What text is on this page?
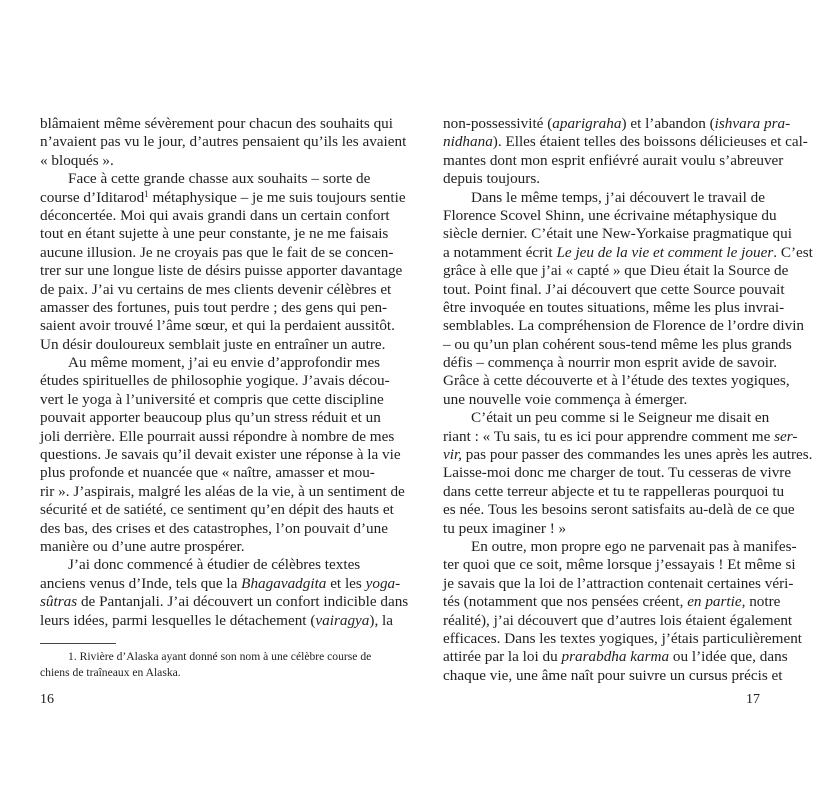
blâmaient même sévèrement pour chacun des souhaits qui
n’avaient pas vu le jour, d’autres pensaient qu’ils les avaient
« bloqués ».
Face à cette grande chasse aux souhaits – sorte de
course d’Iditarod$^1$ métaphysique – je me suis toujours sentie
déconcertée. Moi qui avais grandi dans un certain confort
tout en étant sujette à une peur constante, je ne me faisais
aucune illusion. Je ne croyais pas que le fait de se concen-
trer sur une longue liste de désirs puisse apporter davantage
de paix. J’ai vu certains de mes clients devenir célèbres et
amasser des fortunes, puis tout perdre ; des gens qui pen-
saient avoir trouvé l’âme sœur, et qui la perdaient aussitôt.
Un désir douloureux semblait juste en entraîner un autre.
Au même moment, j’ai eu envie d’approfondir mes
études spirituelles de philosophie yogique. J’avais décou-
vert le yoga à l’université et compris que cette discipline
pouvait apporter beaucoup plus qu’un stress réduit et un
joli derrière. Elle pourrait aussi répondre à nombre de mes
questions. Je savais qu’il devait exister une réponse à la vie
plus profonde et nuancée que « naître, amasser et mou-
rir ». J’aspirais, malgré les aléas de la vie, à un sentiment de
sécurité et de satiété, ce sentiment qu’en dépit des hauts et
des bas, des crises et des catastrophes, l’on pouvait d’une
manière ou d’une autre prospérer.
J’ai donc commencé à étudier de célèbres textes
anciens venus d’Inde, tels que la Bhagavadgita et les yoga-
sûtras de Pantanjali. J’ai découvert un confort indicible dans
leurs idées, parmi lesquelles le détachement (vairagya), la
1. Rivière d’Alaska ayant donné son nom à une célèbre course de
chiens de traîneaux en Alaska.
16
non-possessivité (aparigraha) et l’abandon (ishvara pra-
nidhana). Elles étaient telles des boissons délicieuses et cal-
mantes dont mon esprit enfiévré aurait voulu s’abreuver
depuis toujours.
Dans le même temps, j’ai découvert le travail de
Florence Scovel Shinn, une écrivaine métaphysique du
siècle dernier. C’était une New-Yorkaise pragmatique qui
a notamment écrit Le jeu de la vie et comment le jouer. C’est
grâce à elle que j’ai « capté » que Dieu était la Source de
tout. Point final. J’ai découvert que cette Source pouvait
être invoquée en toutes situations, même les plus invrai-
semblables. La compréhension de Florence de l’ordre divin
– ou qu’un plan cohérent sous-tend même les plus grands
défis – commença à nourrir mon esprit avide de savoir.
Grâce à cette découverte et à l’étude des textes yogiques,
une nouvelle voie commença à émerger.
C’était un peu comme si le Seigneur me disait en
riant : « Tu sais, tu es ici pour apprendre comment me ser-
vir, pas pour passer des commandes les unes après les autres.
Laisse-moi donc me charger de tout. Tu cesseras de vivre
dans cette terreur abjecte et tu te rappelleras pourquoi tu
es née. Tous les besoins seront satisfaits au-delà de ce que
tu peux imaginer ! »
En outre, mon propre ego ne parvenait pas à manifes-
ter quoi que ce soit, même lorsque j’essayais ! Et même si
je savais que la loi de l’attraction contenait certaines véri-
tés (notamment que nos pensées créent, en partie, notre
réalité), j’ai découvert que d’autres lois étaient également
efficaces. Dans les textes yogiques, j’étais particulièrement
attirée par la loi du prarabdha karma ou l’idée que, dans
chaque vie, une âme naît pour suivre un cursus précis et
17
